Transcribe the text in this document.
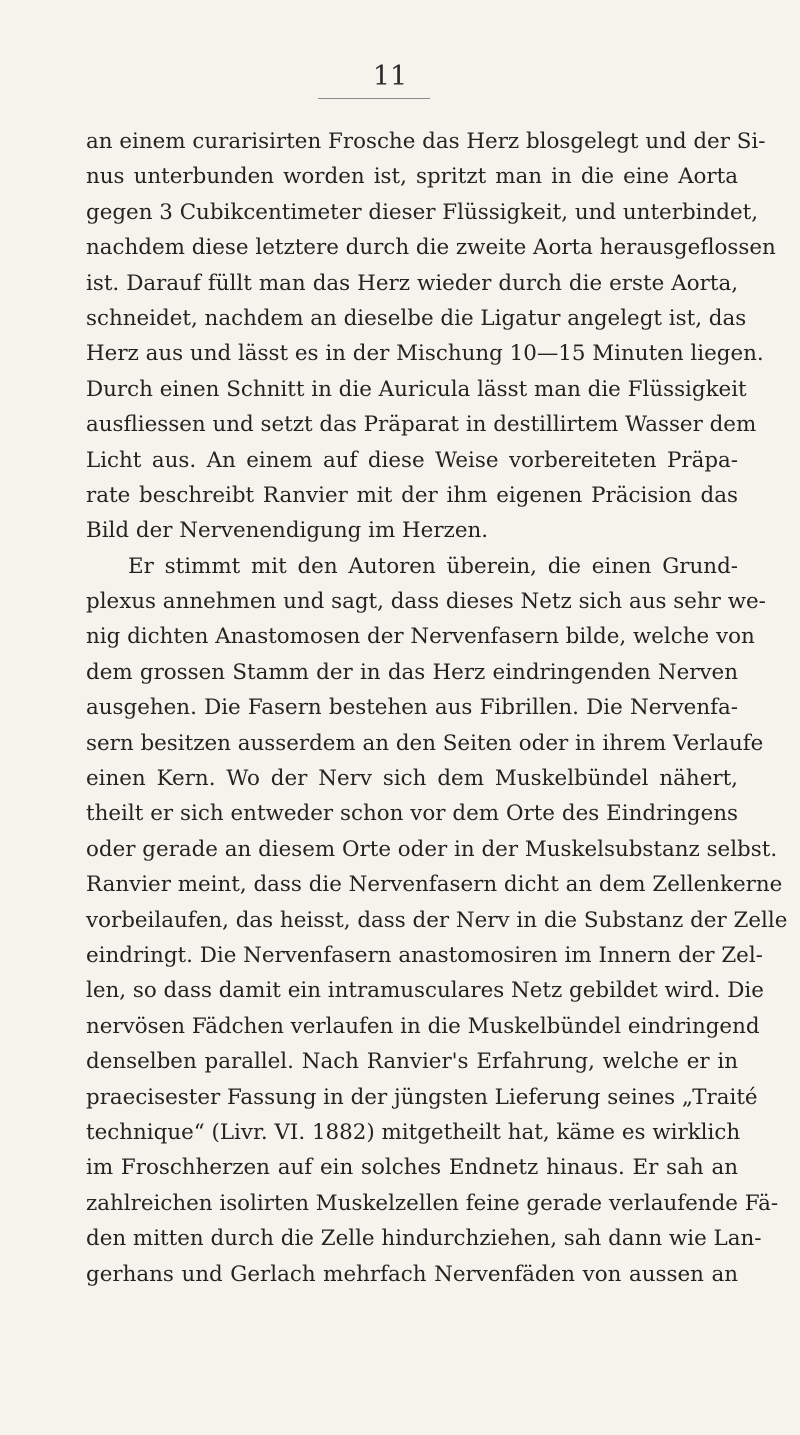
11
an einem curarisirten Frosche das Herz blosgelegt und der Si-
nus unterbunden worden ist, spritzt man in die eine Aorta
gegen 3 Cubikcentimeter dieser Flüssigkeit, und unterbindet,
nachdem diese letztere durch die zweite Aorta herausgeflossen
ist. Darauf füllt man das Herz wieder durch die erste Aorta,
schneidet, nachdem an dieselbe die Ligatur angelegt ist, das
Herz aus und lässt es in der Mischung 10—15 Minuten liegen.
Durch einen Schnitt in die Auricula lässt man die Flüssigkeit
ausfliessen und setzt das Präparat in destillirtem Wasser dem
Licht aus. An einem auf diese Weise vorbereiteten Präpa-
rate beschreibt Ranvier mit der ihm eigenen Präcision das
Bild der Nervenendigung im Herzen.
Er stimmt mit den Autoren überein, die einen Grund-
plexus annehmen und sagt, dass dieses Netz sich aus sehr we-
nig dichten Anastomosen der Nervenfasern bilde, welche von
dem grossen Stamm der in das Herz eindringenden Nerven
ausgehen. Die Fasern bestehen aus Fibrillen. Die Nervenfa-
sern besitzen ausserdem an den Seiten oder in ihrem Verlaufe
einen Kern. Wo der Nerv sich dem Muskelbündel nähert,
theilt er sich entweder schon vor dem Orte des Eindringens
oder gerade an diesem Orte oder in der Muskelsubstanz selbst.
Ranvier meint, dass die Nervenfasern dicht an dem Zellenkerne
vorbeilaufen, das heisst, dass der Nerv in die Substanz der Zelle
eindringt. Die Nervenfasern anastomosiren im Innern der Zel-
len, so dass damit ein intramusculares Netz gebildet wird. Die
nervösen Fädchen verlaufen in die Muskelbündel eindringend
denselben parallel. Nach Ranvier's Erfahrung, welche er in
praecisester Fassung in der jüngsten Lieferung seines „Traité
technique“ (Livr. VI. 1882) mitgetheilt hat, käme es wirklich
im Froschherzen auf ein solches Endnetz hinaus. Er sah an
zahlreichen isolirten Muskelzellen feine gerade verlaufende Fä-
den mitten durch die Zelle hindurchziehen, sah dann wie Lan-
gerhans und Gerlach mehrfach Nervenfäden von aussen an
